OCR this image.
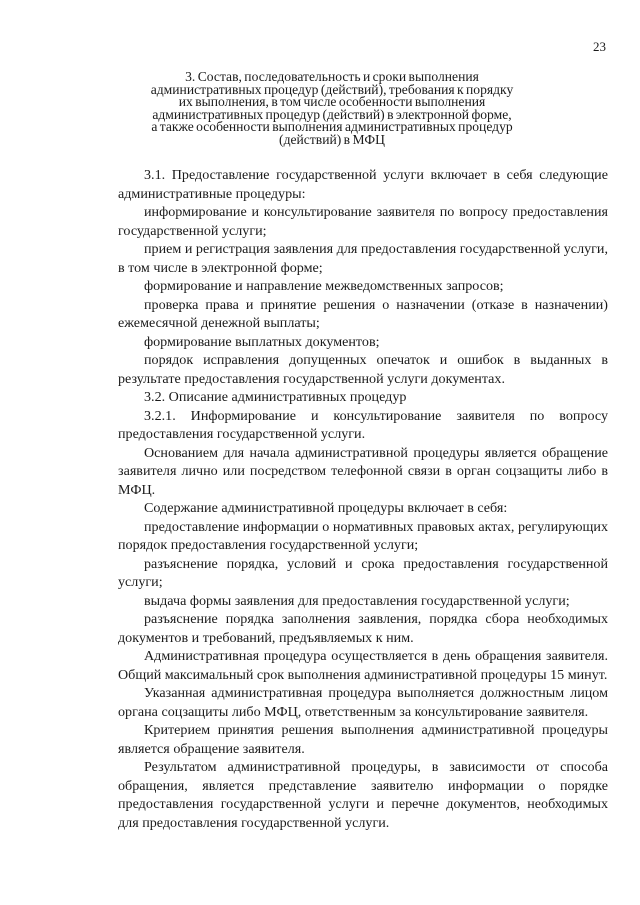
23
3. Состав, последовательность и сроки выполнения
административных процедур (действий), требования к порядку
их выполнения, в том числе особенности выполнения
административных процедур (действий) в электронной форме,
а также особенности выполнения административных процедур
(действий) в МФЦ

3.1. Предоставление государственной услуги включает в себя следующие административные процедуры:

информирование и консультирование заявителя по вопросу предоставления государственной услуги;

прием и регистрация заявления для предоставления государственной услуги, в том числе в электронной форме;

формирование и направление межведомственных запросов;

проверка права и принятие решения о назначении (отказе в назначении) ежемесячной денежной выплаты;

формирование выплатных документов;

порядок исправления допущенных опечаток и ошибок в выданных в результате предоставления государственной услуги документах.

3.2. Описание административных процедур

3.2.1. Информирование и консультирование заявителя по вопросу предоставления государственной услуги.

Основанием для начала административной процедуры является обращение заявителя лично или посредством телефонной связи в орган соцзащиты либо в МФЦ.

Содержание административной процедуры включает в себя:

предоставление информации о нормативных правовых актах, регулирующих порядок предоставления государственной услуги;

разъяснение порядка, условий и срока предоставления государственной услуги;

выдача формы заявления для предоставления государственной услуги;

разъяснение порядка заполнения заявления, порядка сбора необходимых документов и требований, предъявляемых к ним.

Административная процедура осуществляется в день обращения заявителя. Общий максимальный срок выполнения административной процедуры 15 минут.

Указанная административная процедура выполняется должностным лицом органа соцзащиты либо МФЦ, ответственным за консультирование заявителя.

Критерием принятия решения выполнения административной процедуры является обращение заявителя.

Результатом административной процедуры, в зависимости от способа обращения, является представление заявителю информации о порядке предоставления государственной услуги и перечне документов, необходимых для предоставления государственной услуги.
